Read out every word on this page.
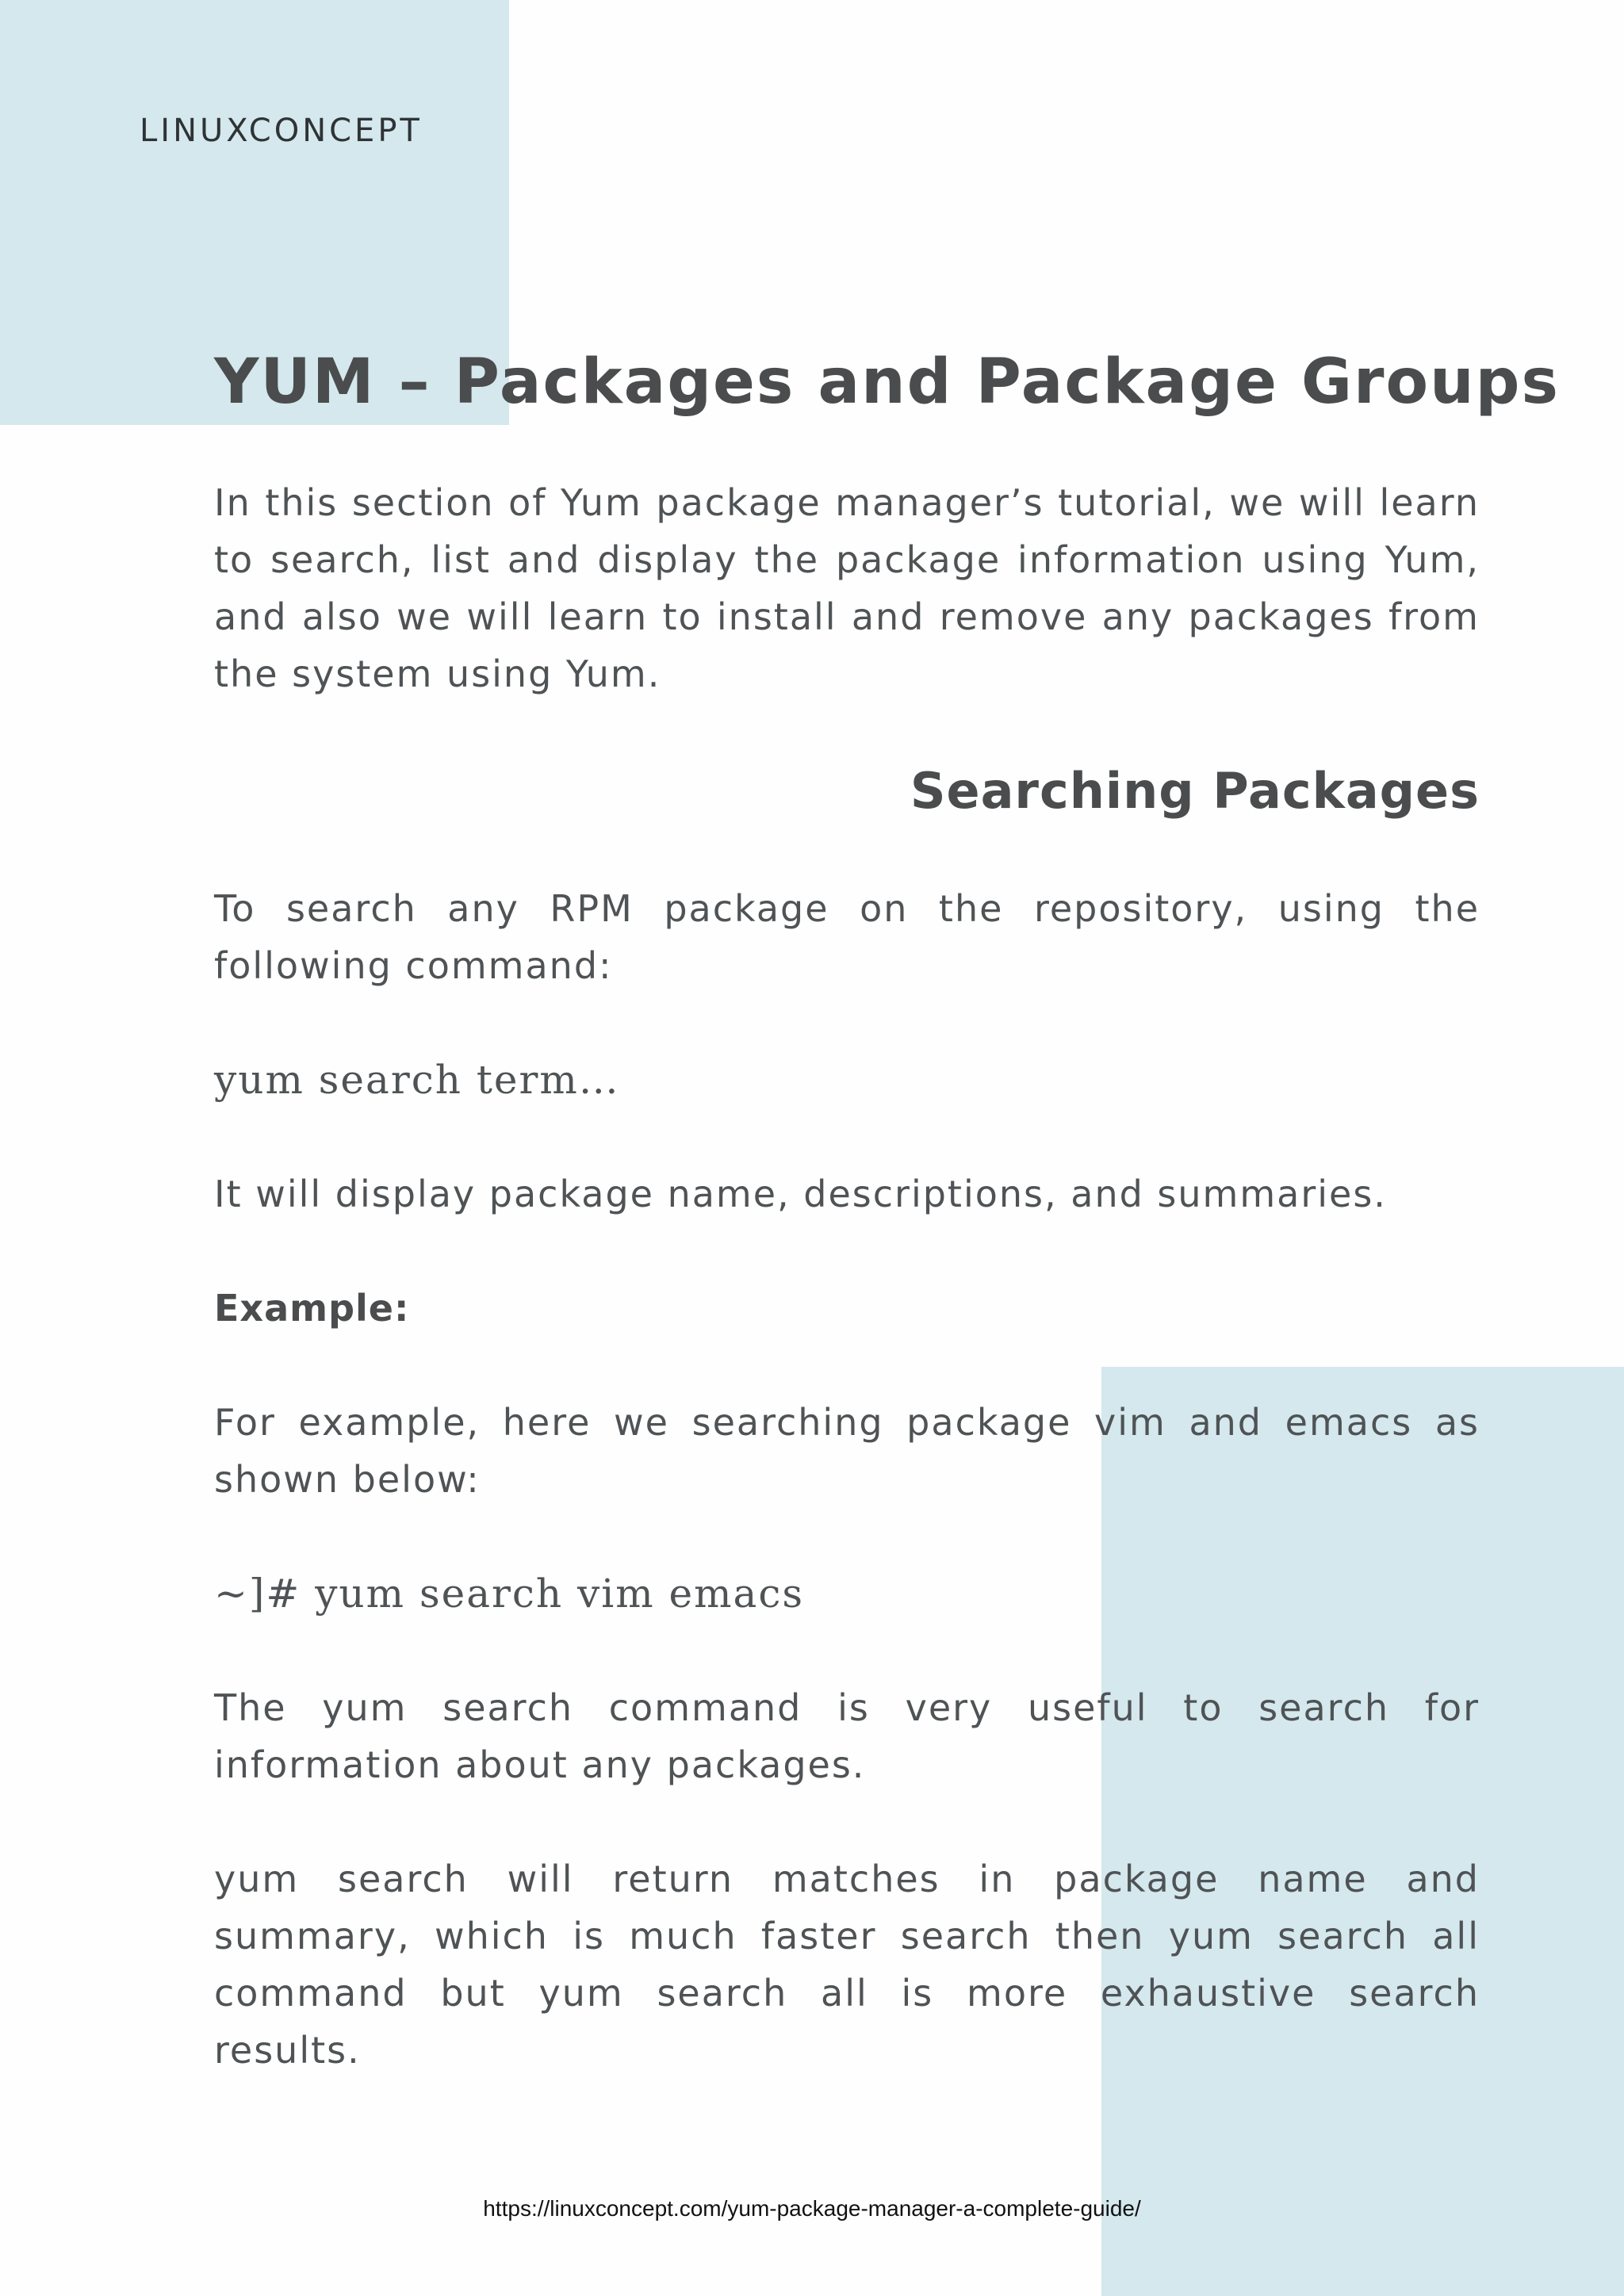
LINUXCONCEPT
YUM – Packages and Package Groups

In this section of Yum package manager’s tutorial, we will learn to search, list and display the package information using Yum, and also we will learn to install and remove any packages from the system using Yum.

Searching Packages

To search any RPM package on the repository, using the following command:

yum search term…

It will display package name, descriptions, and summaries.

Example:

For example, here we searching package vim and emacs as shown below:

~]# yum search vim emacs

The yum search command is very useful to search for information about any packages.

yum search will return matches in package name and summary, which is much faster search then yum search all command but yum search all is more exhaustive search results.

https://linuxconcept.com/yum-package-manager-a-complete-guide/
